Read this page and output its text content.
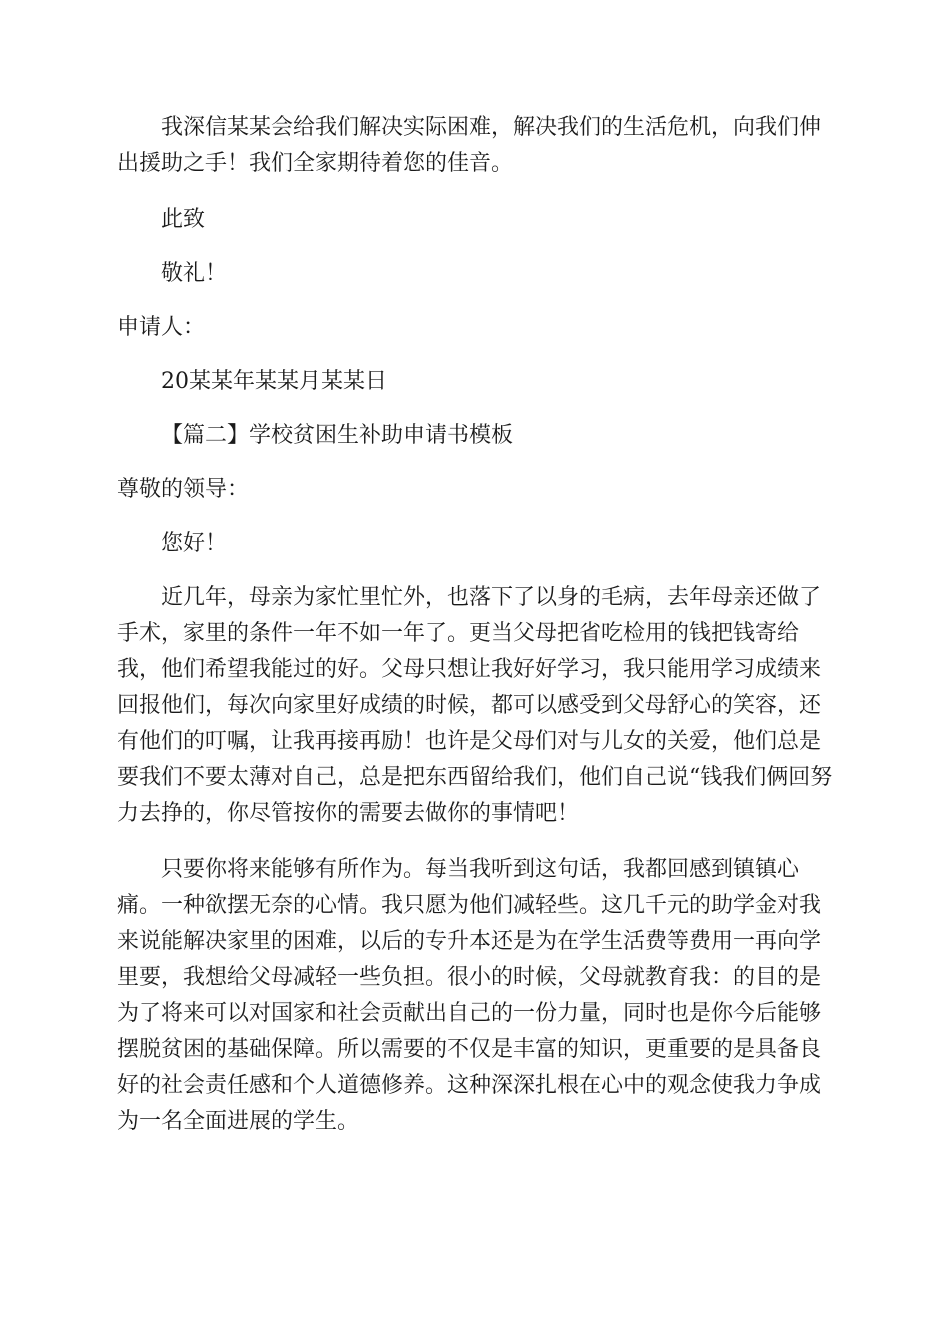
我深信某某会给我们解决实际困难，解决我们的生活危机，向我们伸出援助之手！我们全家期待着您的佳音。

此致

敬礼！

申请人：

20某某年某某月某某日

【篇二】学校贫困生补助申请书模板

尊敬的领导：

您好！

近几年，母亲为家忙里忙外，也落下了以身的毛病，去年母亲还做了手术，家里的条件一年不如一年了。更当父母把省吃检用的钱把钱寄给我，他们希望我能过的好。父母只想让我好好学习，我只能用学习成绩来回报他们，每次向家里好成绩的时候，都可以感受到父母舒心的笑容，还有他们的叮嘱，让我再接再励！也许是父母们对与儿女的关爱，他们总是要我们不要太薄对自己，总是把东西留给我们，他们自己说“钱我们俩回努力去挣的，你尽管按你的需要去做你的事情吧！

只要你将来能够有所作为。每当我听到这句话，我都回感到镇镇心痛。一种欲摆无奈的心情。我只愿为他们减轻些。这几千元的助学金对我来说能解决家里的困难，以后的专升本还是为在学生活费等费用一再向学里要，我想给父母减轻一些负担。很小的时候，父母就教育我：的目的是为了将来可以对国家和社会贡献出自己的一份力量，同时也是你今后能够摆脱贫困的基础保障。所以需要的不仅是丰富的知识，更重要的是具备良好的社会责任感和个人道德修养。这种深深扎根在心中的观念使我力争成为一名全面进展的学生。
